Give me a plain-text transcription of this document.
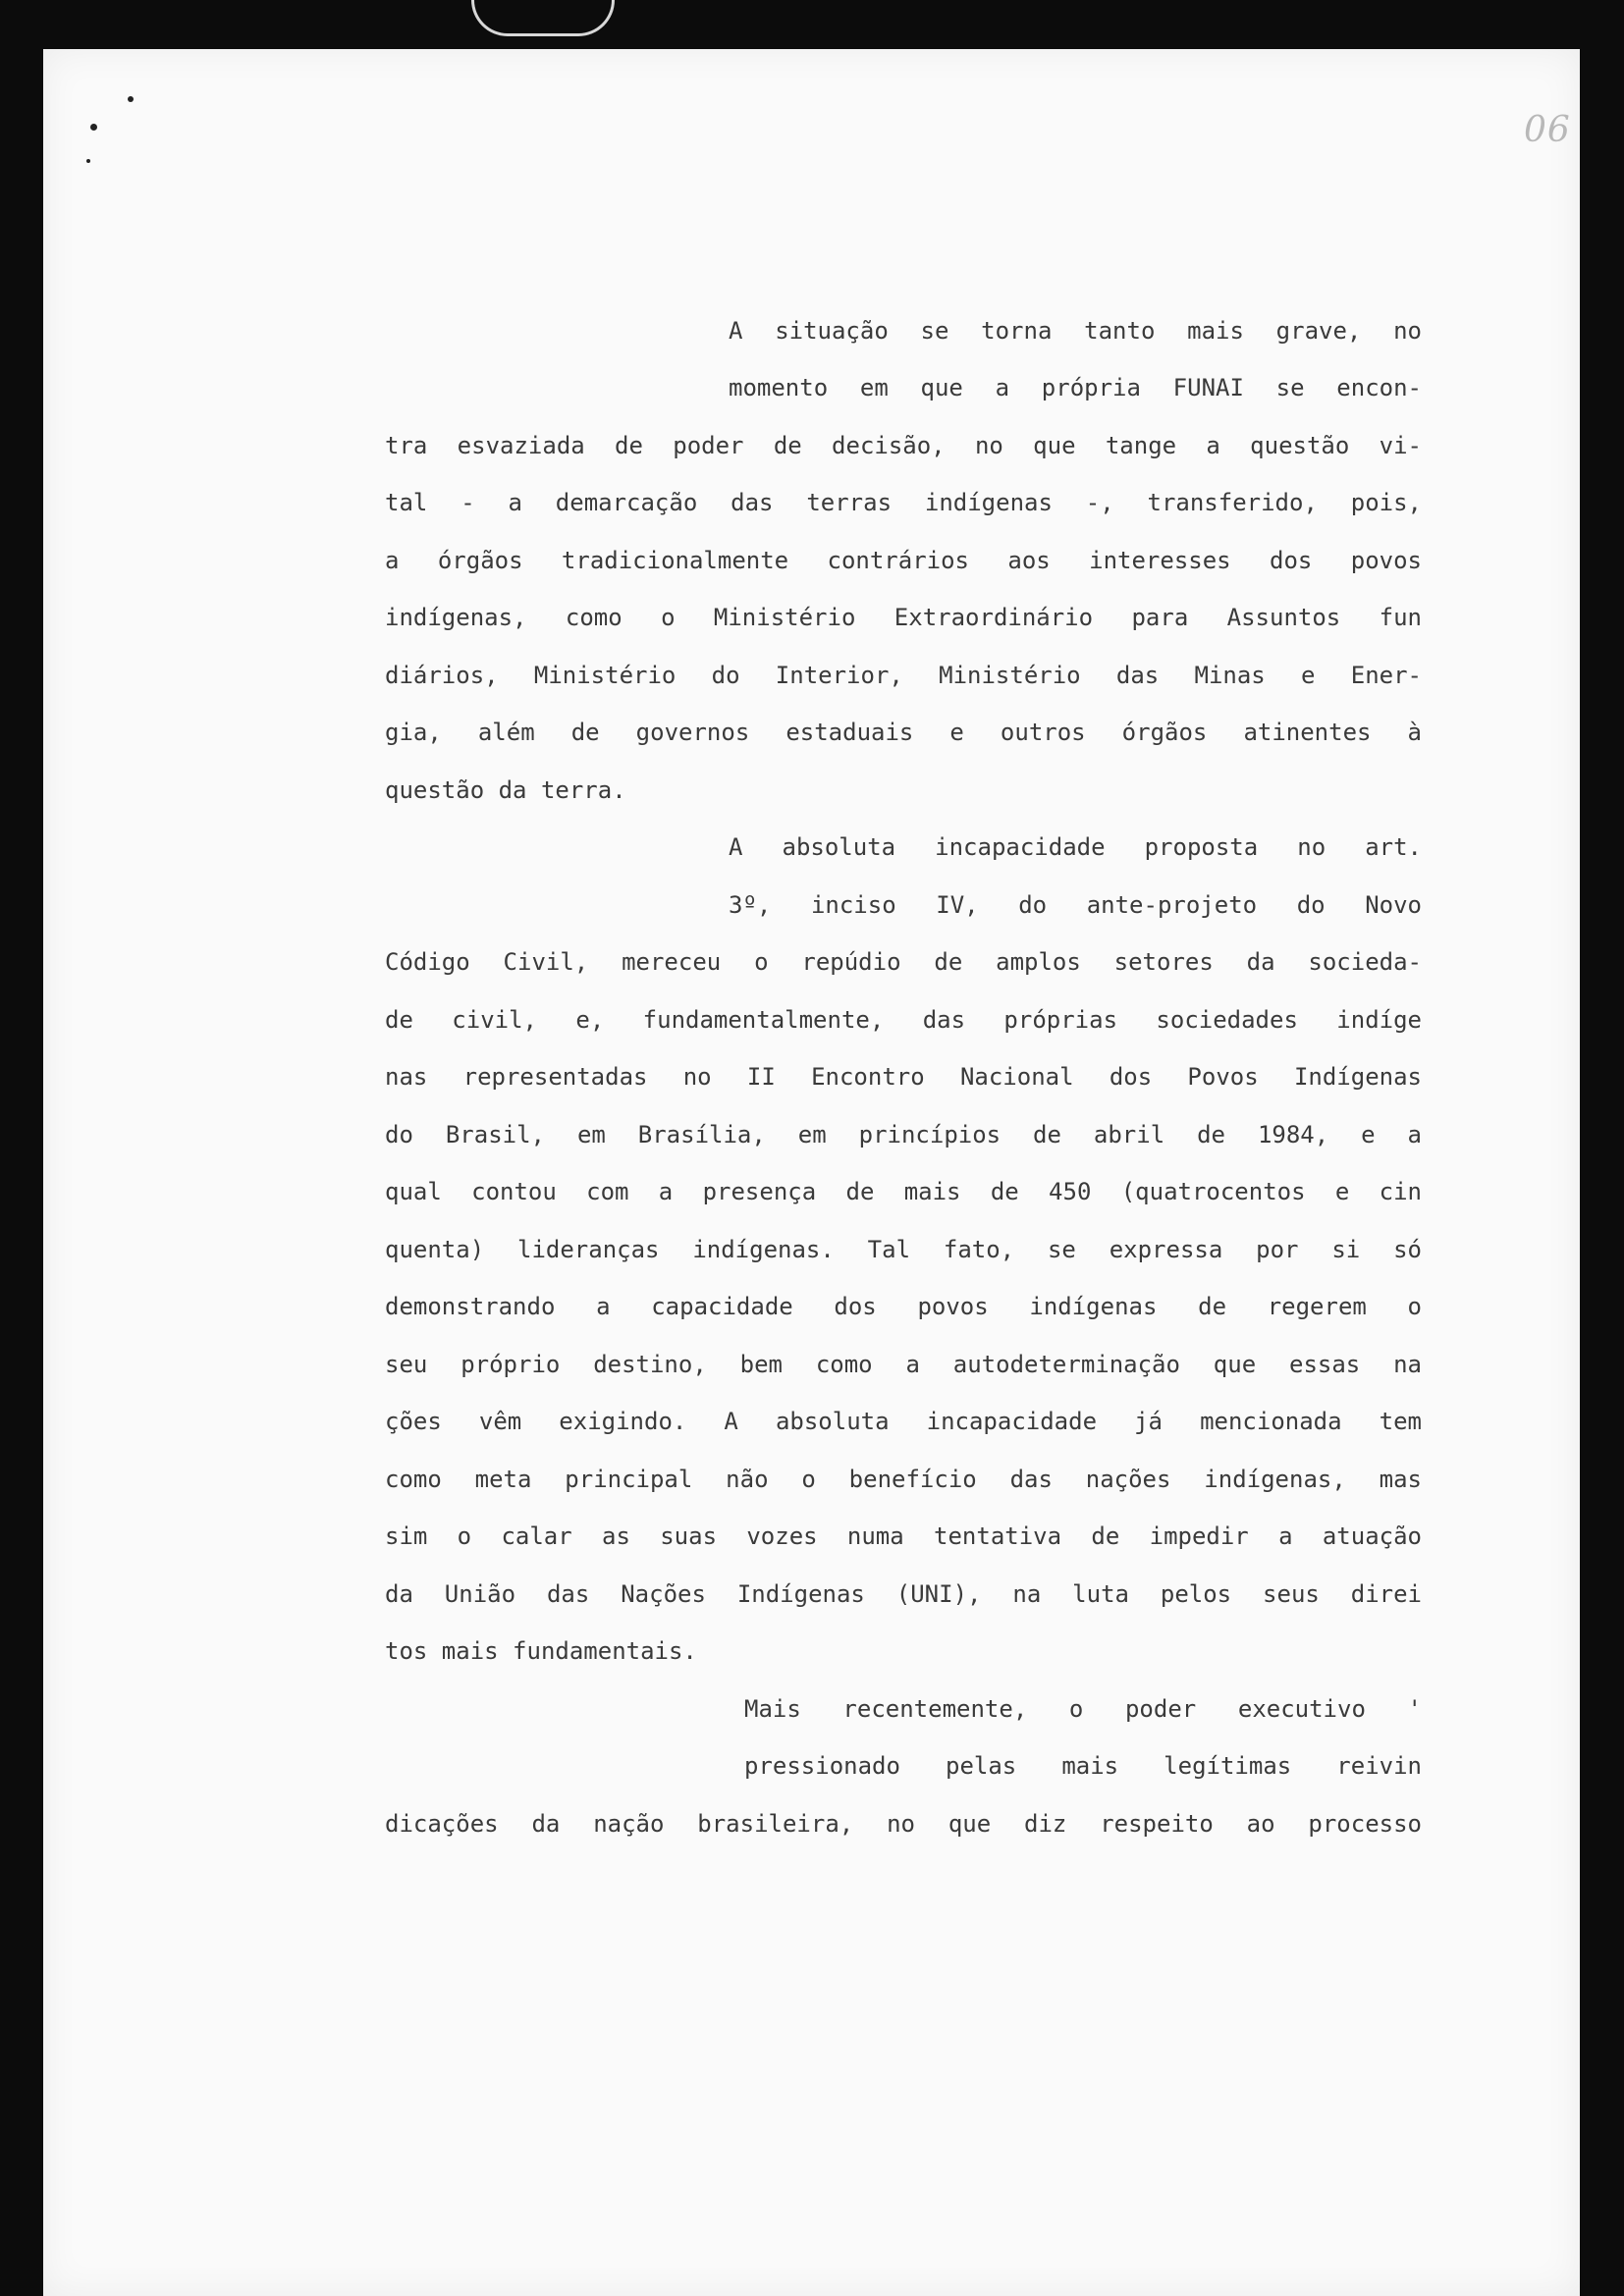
06
A situação se torna tanto mais grave, no
momento em que a própria FUNAI se encon-
tra esvaziada de poder de decisão, no que tange a questão vi-
tal - a demarcação das terras indígenas -, transferido, pois,
a órgãos tradicionalmente contrários aos interesses dos povos
indígenas, como o Ministério Extraordinário para Assuntos fun
diários, Ministério do Interior, Ministério das Minas e Ener-
gia, além de governos estaduais e outros órgãos atinentes à
questão da terra.
A absoluta incapacidade proposta no art.
3º, inciso IV, do ante-projeto do Novo
Código Civil, mereceu o repúdio de amplos setores da socieda-
de civil, e, fundamentalmente, das próprias sociedades indíge
nas representadas no II Encontro Nacional dos Povos Indígenas
do Brasil, em Brasília, em princípios de abril de 1984, e a
qual contou com a presença de mais de 450 (quatrocentos e cin
quenta) lideranças indígenas. Tal fato, se expressa por si só
demonstrando a capacidade dos povos indígenas de regerem o
seu próprio destino, bem como a autodeterminação que essas na
ções vêm exigindo. A absoluta incapacidade já mencionada tem
como meta principal não o benefício das nações indígenas, mas
sim o calar as suas vozes numa tentativa de impedir a atuação
da União das Nações Indígenas (UNI), na luta pelos seus direi
tos mais fundamentais.
Mais recentemente, o poder executivo '
pressionado pelas mais legítimas reivin
dicações da nação brasileira, no que diz respeito ao processo
